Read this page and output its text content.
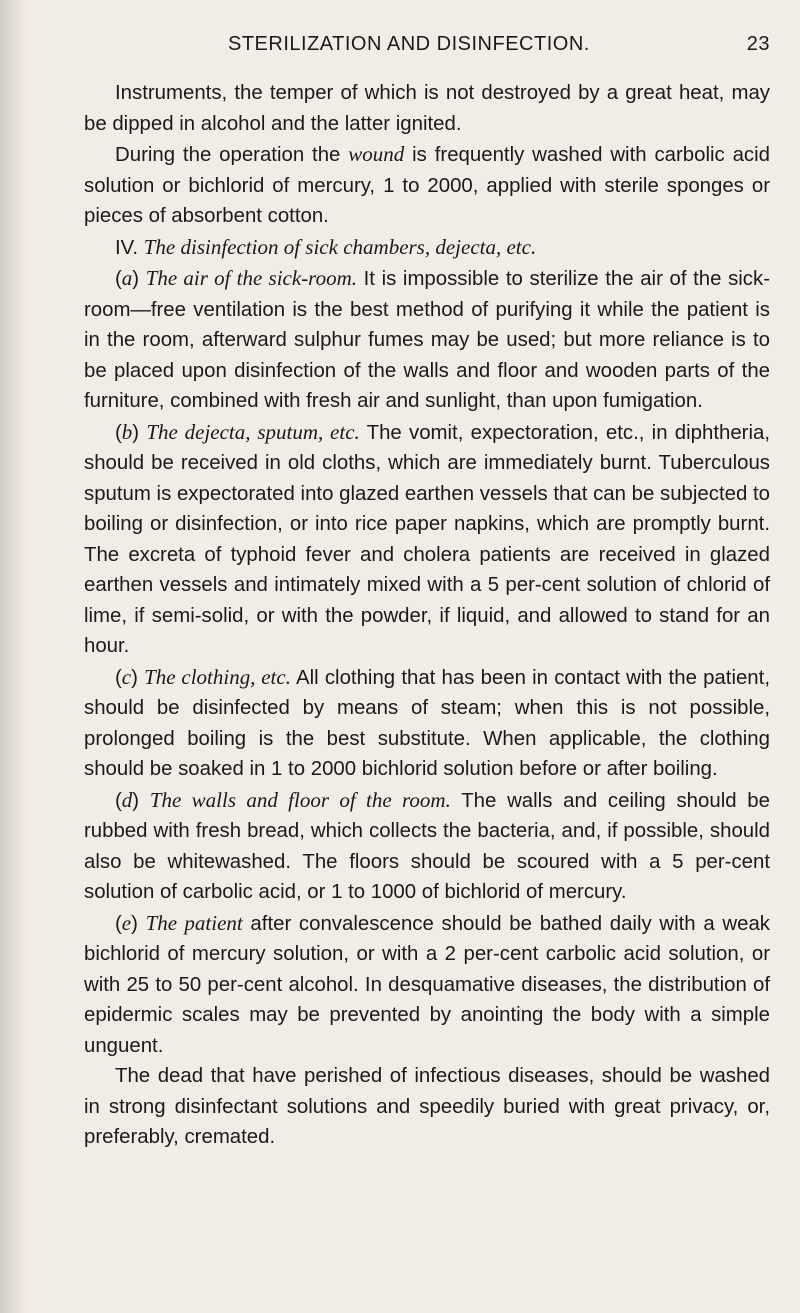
STERILIZATION AND DISINFECTION.	23

Instruments, the temper of which is not destroyed by a great heat, may be dipped in alcohol and the latter ignited.

During the operation the wound is frequently washed with carbolic acid solution or bichlorid of mercury, 1 to 2000, applied with sterile sponges or pieces of absorbent cotton.

IV. The disinfection of sick chambers, dejecta, etc.

(a) The air of the sick-room. It is impossible to sterilize the air of the sick-room—free ventilation is the best method of purifying it while the patient is in the room, afterward sulphur fumes may be used; but more reliance is to be placed upon disinfection of the walls and floor and wooden parts of the furniture, combined with fresh air and sunlight, than upon fumigation.

(b) The dejecta, sputum, etc. The vomit, expectoration, etc., in diphtheria, should be received in old cloths, which are immediately burnt. Tuberculous sputum is expectorated into glazed earthen vessels that can be subjected to boiling or disinfection, or into rice paper napkins, which are promptly burnt. The excreta of typhoid fever and cholera patients are received in glazed earthen vessels and intimately mixed with a 5 per-cent solution of chlorid of lime, if semi-solid, or with the powder, if liquid, and allowed to stand for an hour.

(c) The clothing, etc. All clothing that has been in contact with the patient, should be disinfected by means of steam; when this is not possible, prolonged boiling is the best substitute. When applicable, the clothing should be soaked in 1 to 2000 bichlorid solution before or after boiling.

(d) The walls and floor of the room. The walls and ceiling should be rubbed with fresh bread, which collects the bacteria, and, if possible, should also be whitewashed. The floors should be scoured with a 5 per-cent solution of carbolic acid, or 1 to 1000 of bichlorid of mercury.

(e) The patient after convalescence should be bathed daily with a weak bichlorid of mercury solution, or with a 2 per-cent carbolic acid solution, or with 25 to 50 per-cent alcohol. In desquamative diseases, the distribution of epidermic scales may be prevented by anointing the body with a simple unguent.

The dead that have perished of infectious diseases, should be washed in strong disinfectant solutions and speedily buried with great privacy, or, preferably, cremated.
